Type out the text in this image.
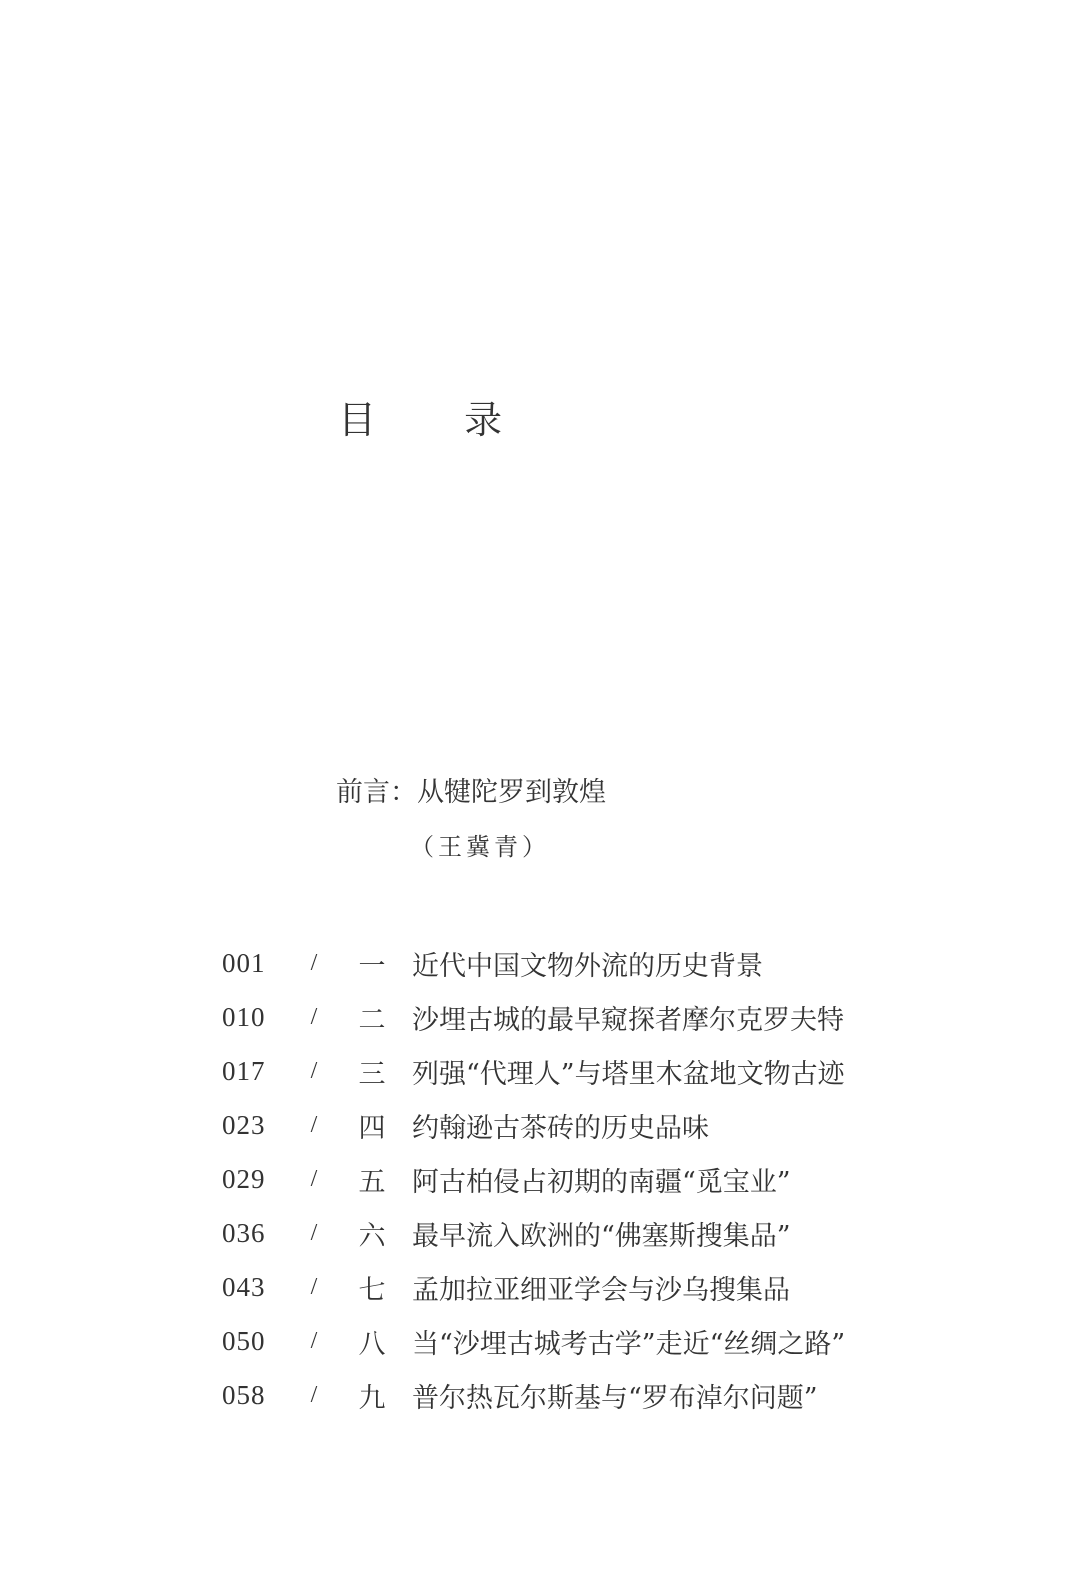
目 录
前言：从犍陀罗到敦煌
（王冀青）
001	/	一 近代中国文物外流的历史背景
010	/	二 沙埋古城的最早窥探者摩尔克罗夫特
017	/	三 列强“代理人”与塔里木盆地文物古迹
023	/	四 约翰逊古茶砖的历史品味
029	/	五 阿古柏侵占初期的南疆“觅宝业”
036	/	六 最早流入欧洲的“佛塞斯搜集品”
043	/	七 孟加拉亚细亚学会与沙乌搜集品
050	/	八 当“沙埋古城考古学”走近“丝绸之路”
058	/	九 普尔热瓦尔斯基与“罗布淖尔问题”
